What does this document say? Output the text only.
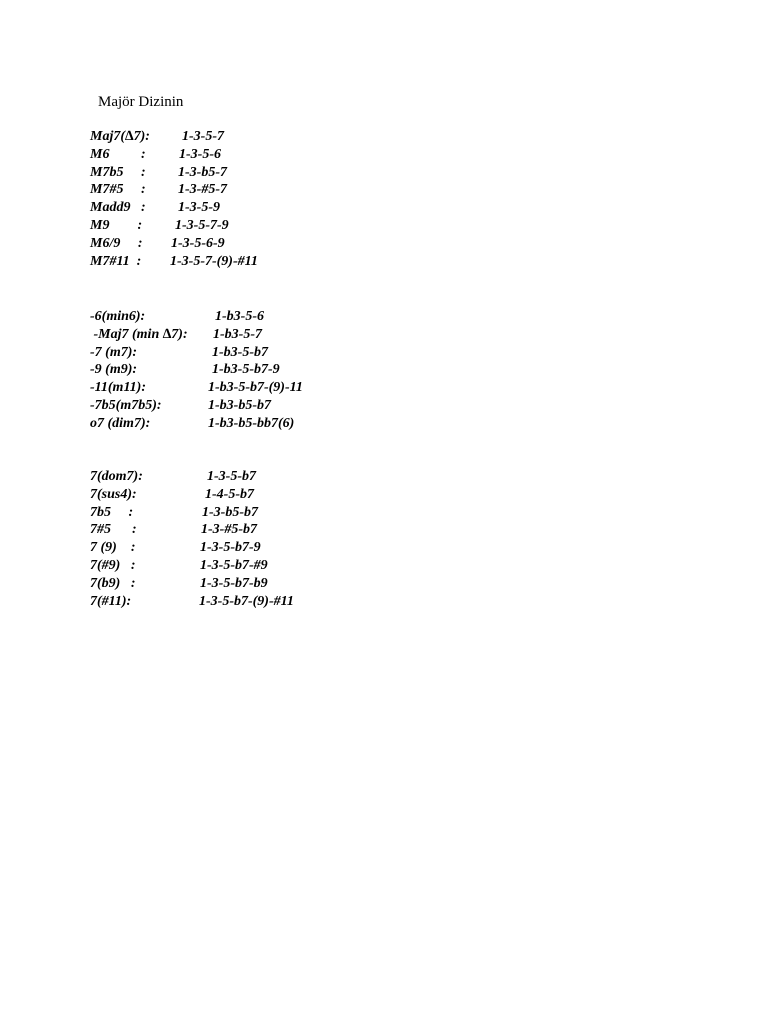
Majör Dizinin
Maj7(∆7): 1-3-5-7
M6         : 1-3-5-6
M7b5     : 1-3-b5-7
M7#5     : 1-3-#5-7
Madd9   : 1-3-5-9
M9        : 1-3-5-7-9
M6/9     : 1-3-5-6-9
M7#11  : 1-3-5-7-(9)-#11
-6(min6):	1-b3-5-6
-Maj7 (min ∆7): 1-b3-5-7
-7 (m7):	1-b3-5-b7
-9 (m9):	1-b3-5-b7-9
-11(m11):	1-b3-5-b7-(9)-11
-7b5(m7b5):	1-b3-b5-b7
o7 (dim7):	1-b3-b5-bb7(6)
7(dom7):	1-3-5-b7
7(sus4):	1-4-5-b7
7b5     :	1-3-b5-b7
7#5      :	1-3-#5-b7
7 (9)    :	1-3-5-b7-9
7(#9)   :	1-3-5-b7-#9
7(b9)   :	1-3-5-b7-b9
7(#11):	1-3-5-b7-(9)-#11
